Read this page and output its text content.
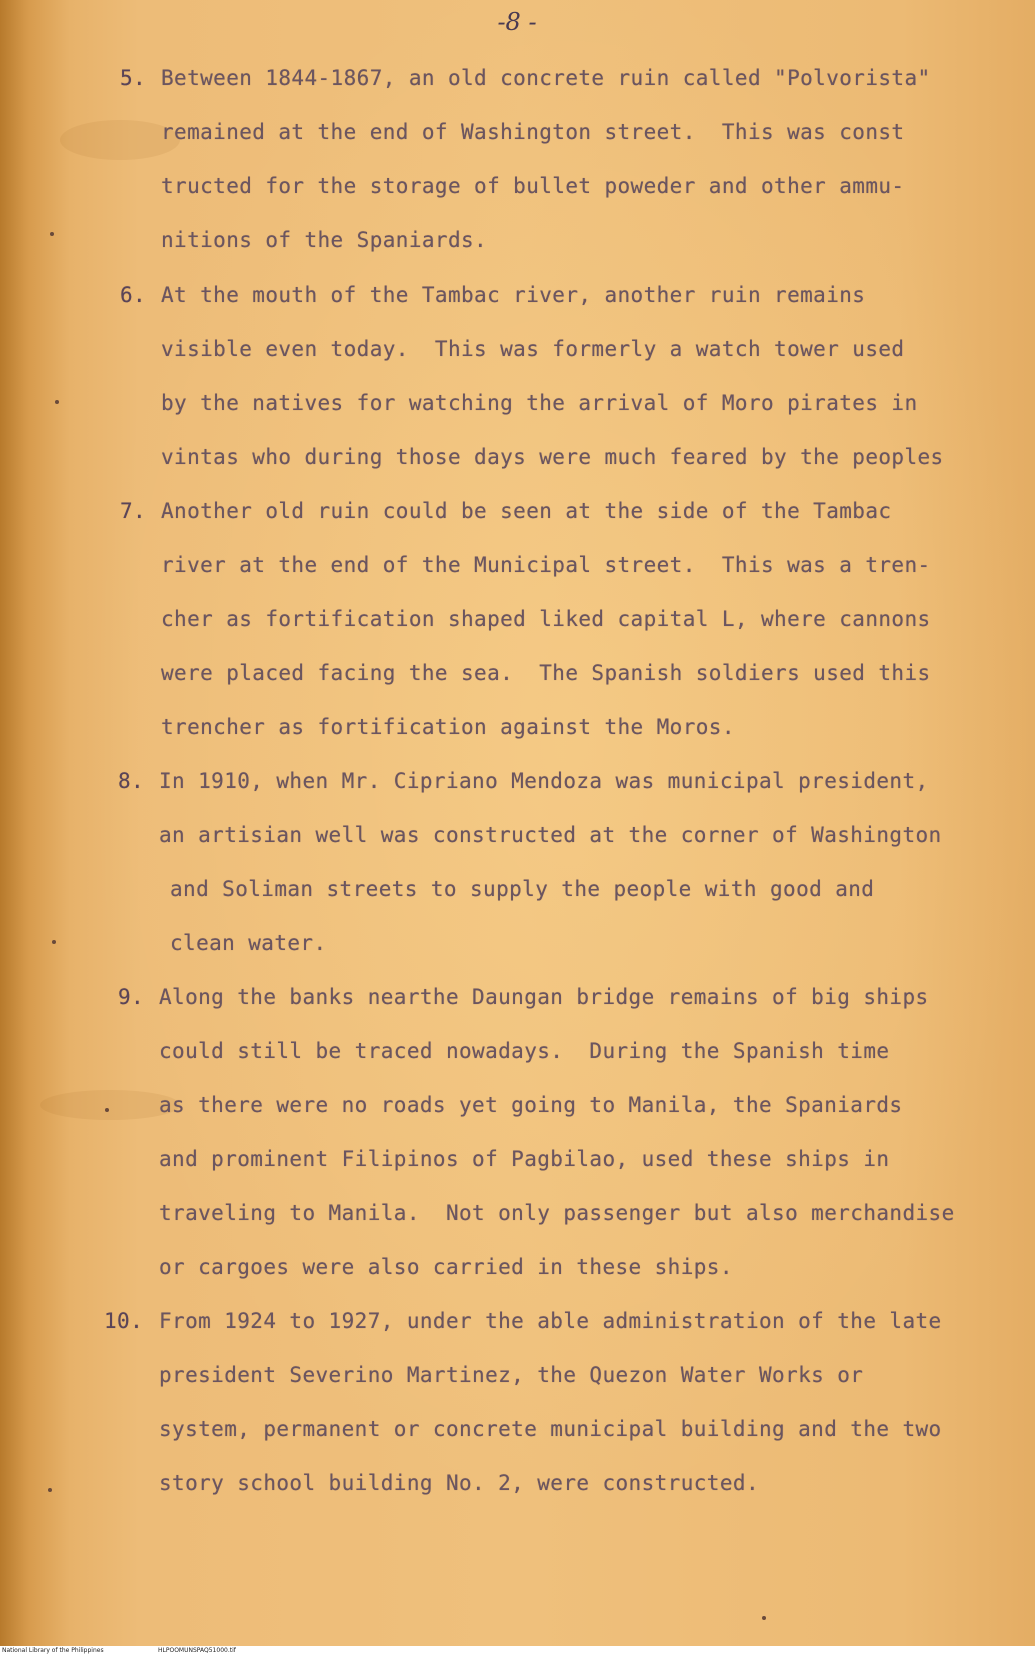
-8 -
5. Between 1844-1867, an old concrete ruin called "Polvorista"
remained at the end of Washington street.  This was const
tructed for the storage of bullet poweder and other ammu-
nitions of the Spaniards.
6. At the mouth of the Tambac river, another ruin remains
visible even today.  This was formerly a watch tower used
by the natives for watching the arrival of Moro pirates in
vintas who during those days were much feared by the peoples
7. Another old ruin could be seen at the side of the Tambac
river at the end of the Municipal street.  This was a tren-
cher as fortification shaped liked capital L, where cannons
were placed facing the sea.  The Spanish soldiers used this
trencher as fortification against the Moros.
8. In 1910, when Mr. Cipriano Mendoza was municipal president,
an artisian well was constructed at the corner of Washington
and Soliman streets to supply the people with good and
clean water.
9. Along the banks nearthe Daungan bridge remains of big ships
could still be traced nowadays.  During the Spanish time
as there were no roads yet going to Manila, the Spaniards
and prominent Filipinos of Pagbilao, used these ships in
traveling to Manila.  Not only passenger but also merchandise
or cargoes were also carried in these ships.
10. From 1924 to 1927, under the able administration of the late
president Severino Martinez, the Quezon Water Works or
system, permanent or concrete municipal building and the two
story school building No. 2, were constructed.
National Library of the Philippines	HLPOOMUNSPAQ51000.tif
